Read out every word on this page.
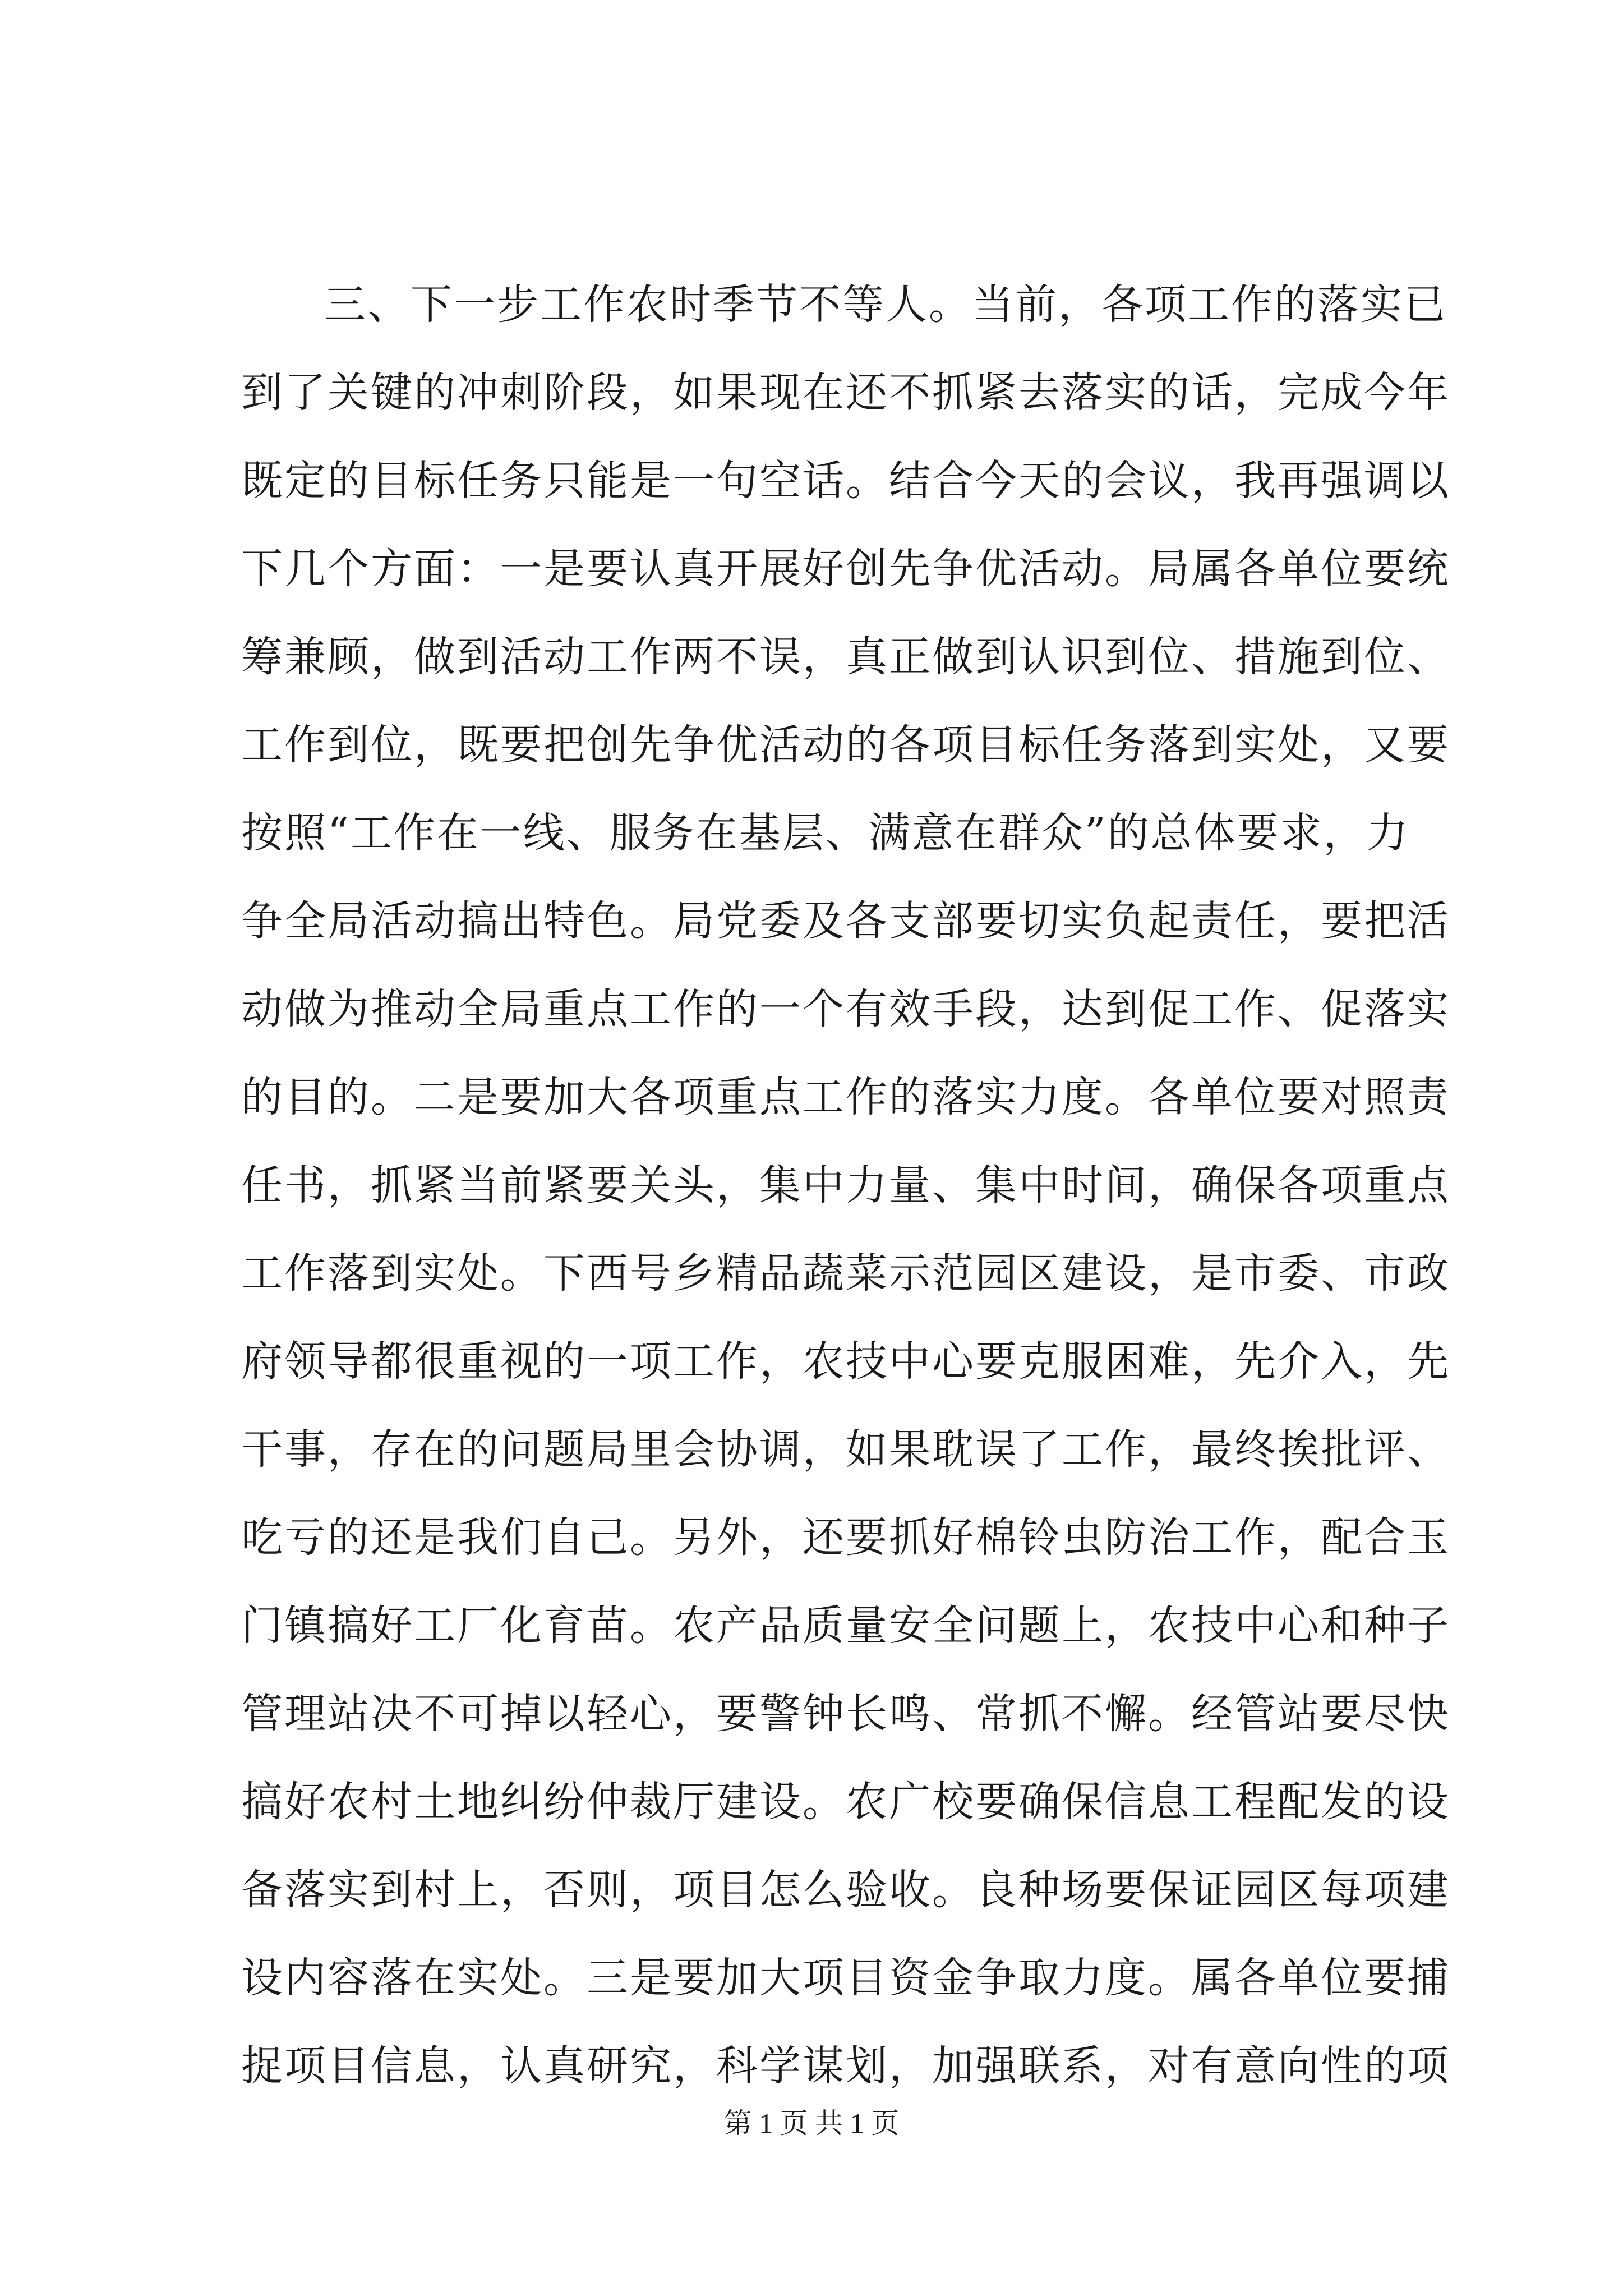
三、下一步工作农时季节不等人。当前，各项工作的落实已
到了关键的冲刺阶段，如果现在还不抓紧去落实的话，完成今年
既定的目标任务只能是一句空话。结合今天的会议，我再强调以
下几个方面：一是要认真开展好创先争优活动。局属各单位要统
筹兼顾，做到活动工作两不误，真正做到认识到位、措施到位、
工作到位，既要把创先争优活动的各项目标任务落到实处，又要
按照“工作在一线、服务在基层、满意在群众”的总体要求，力
争全局活动搞出特色。局党委及各支部要切实负起责任，要把活
动做为推动全局重点工作的一个有效手段，达到促工作、促落实
的目的。二是要加大各项重点工作的落实力度。各单位要对照责
任书，抓紧当前紧要关头，集中力量、集中时间，确保各项重点
工作落到实处。下西号乡精品蔬菜示范园区建设，是市委、市政
府领导都很重视的一项工作，农技中心要克服困难，先介入，先
干事，存在的问题局里会协调，如果耽误了工作，最终挨批评、
吃亏的还是我们自己。另外，还要抓好棉铃虫防治工作，配合玉
门镇搞好工厂化育苗。农产品质量安全问题上，农技中心和种子
管理站决不可掉以轻心，要警钟长鸣、常抓不懈。经管站要尽快
搞好农村土地纠纷仲裁厅建设。农广校要确保信息工程配发的设
备落实到村上，否则，项目怎么验收。良种场要保证园区每项建
设内容落在实处。三是要加大项目资金争取力度。属各单位要捕
捉项目信息，认真研究，科学谋划，加强联系，对有意向性的项
第 1 页 共 1 页
